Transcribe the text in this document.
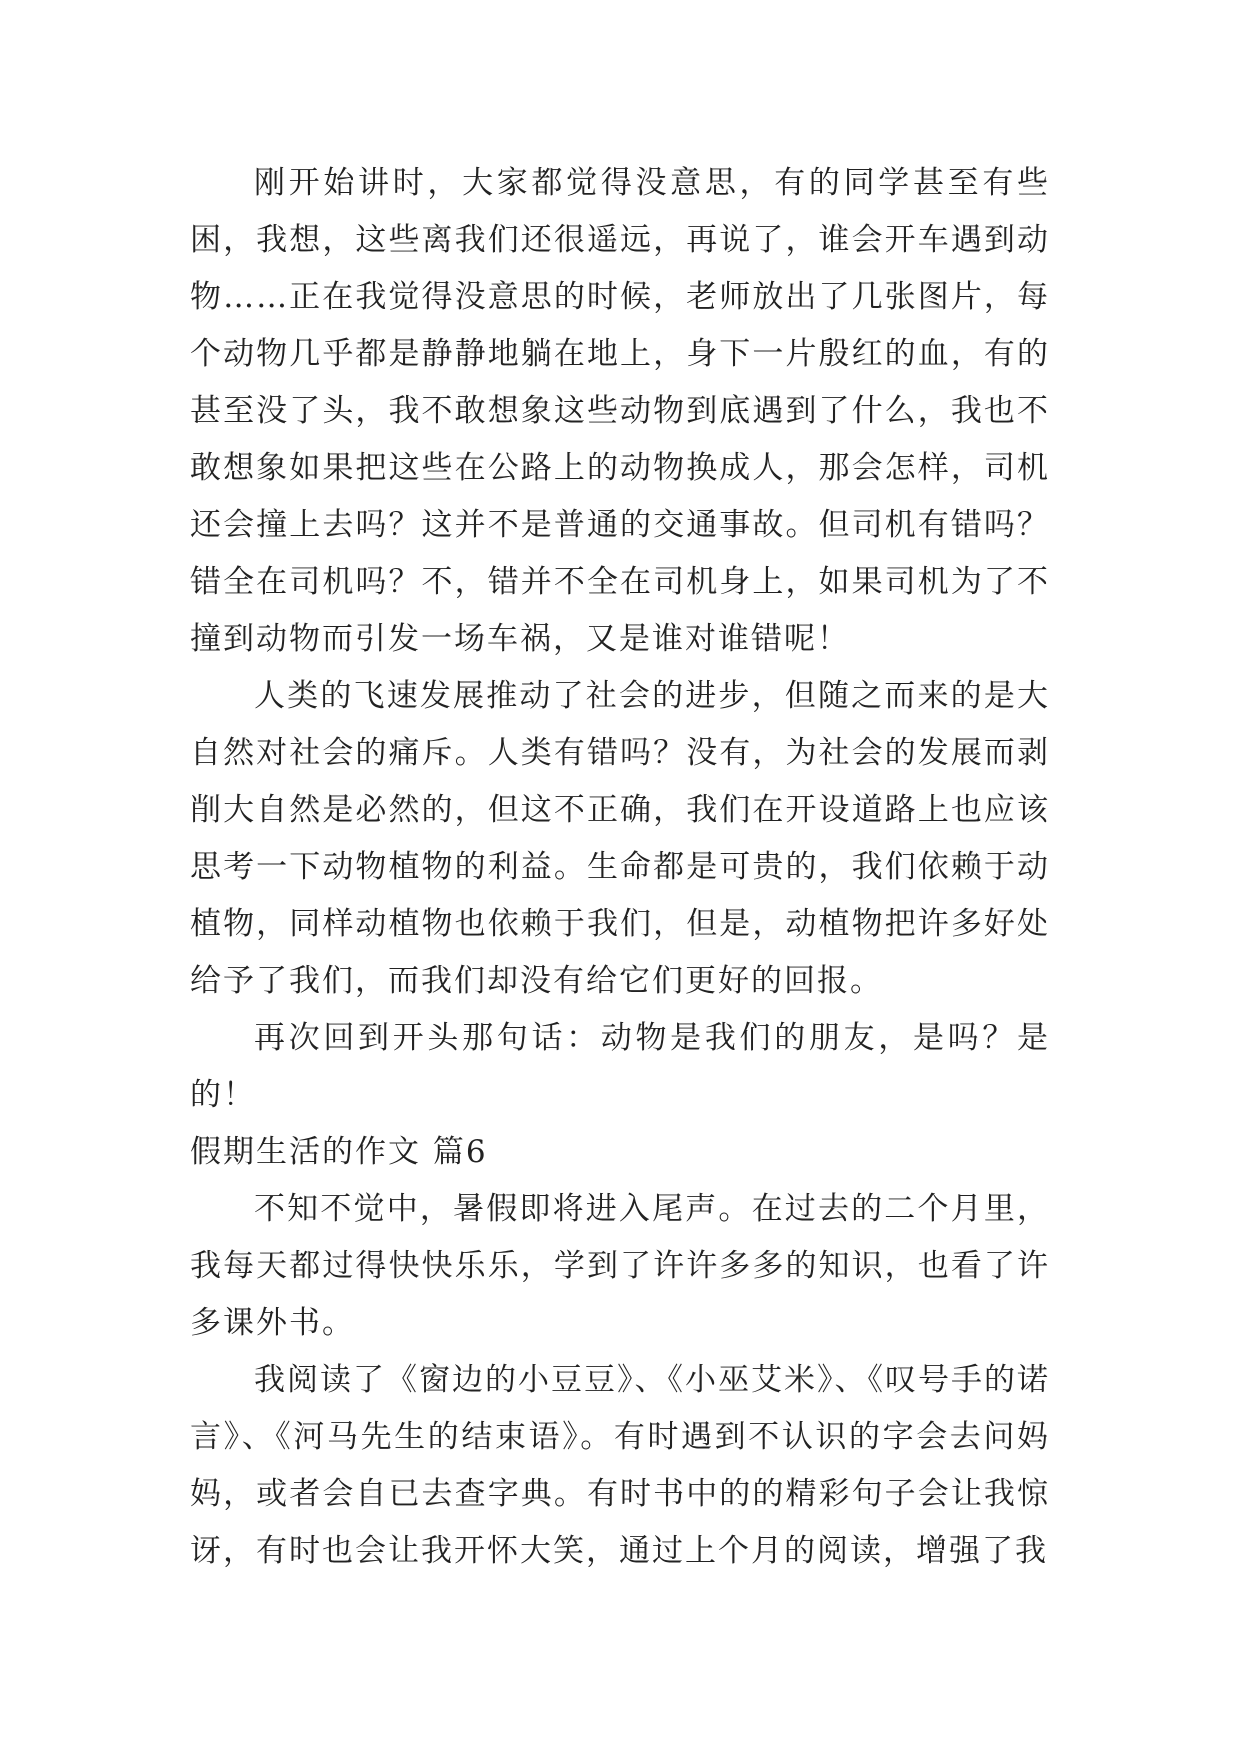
刚开始讲时，大家都觉得没意思，有的同学甚至有些困，我想，这些离我们还很遥远，再说了，谁会开车遇到动物……正在我觉得没意思的时候，老师放出了几张图片，每个动物几乎都是静静地躺在地上，身下一片殷红的血，有的甚至没了头，我不敢想象这些动物到底遇到了什么，我也不敢想象如果把这些在公路上的动物换成人，那会怎样，司机还会撞上去吗？这并不是普通的交通事故。但司机有错吗？错全在司机吗？不，错并不全在司机身上，如果司机为了不撞到动物而引发一场车祸，又是谁对谁错呢！

人类的飞速发展推动了社会的进步，但随之而来的是大自然对社会的痛斥。人类有错吗？没有，为社会的发展而剥削大自然是必然的，但这不正确，我们在开设道路上也应该思考一下动物植物的利益。生命都是可贵的，我们依赖于动植物，同样动植物也依赖于我们，但是，动植物把许多好处给予了我们，而我们却没有给它们更好的回报。

再次回到开头那句话：动物是我们的朋友，是吗？是的！

假期生活的作文 篇6

不知不觉中，暑假即将进入尾声。在过去的二个月里，我每天都过得快快乐乐，学到了许许多多的知识，也看了许多课外书。

我阅读了《窗边的小豆豆》、《小巫艾米》、《叹号手的诺言》、《河马先生的结束语》。有时遇到不认识的字会去问妈妈，或者会自已去查字典。有时书中的的精彩句子会让我惊讶，有时也会让我开怀大笑，通过上个月的阅读，增强了我
